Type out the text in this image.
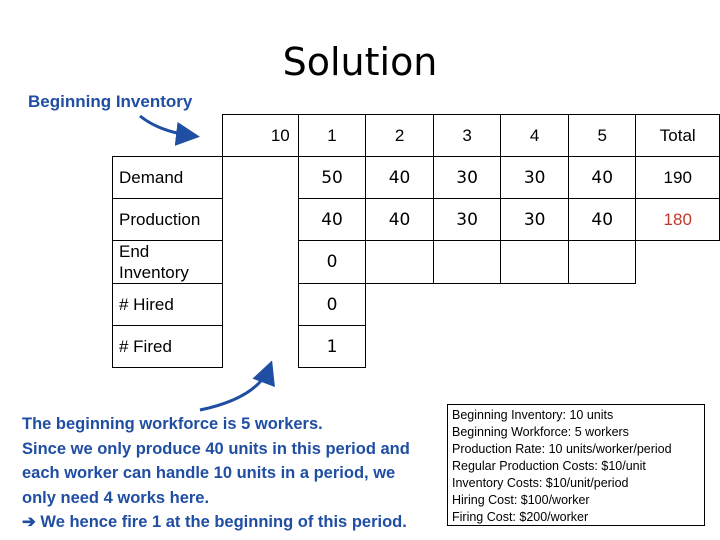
Solution
Beginning Inventory
	10	1	2	3	4	5	Total
Demand		50	40	30	30	40	190
Production		40	40	30	30	40	180
End Inventory		0					
# Hired		0					
# Fired		1					
The beginning workforce is 5 workers.
Since we only produce 40 units in this period and
each worker can handle 10 units in a period, we
only need 4 works here.
➔ We hence fire 1 at the beginning of this period.
Beginning Inventory: 10 units
Beginning Workforce: 5 workers
Production Rate: 10 units/worker/period
Regular Production Costs: $10/unit
Inventory Costs: $10/unit/period
Hiring Cost: $100/worker
Firing Cost: $200/worker
